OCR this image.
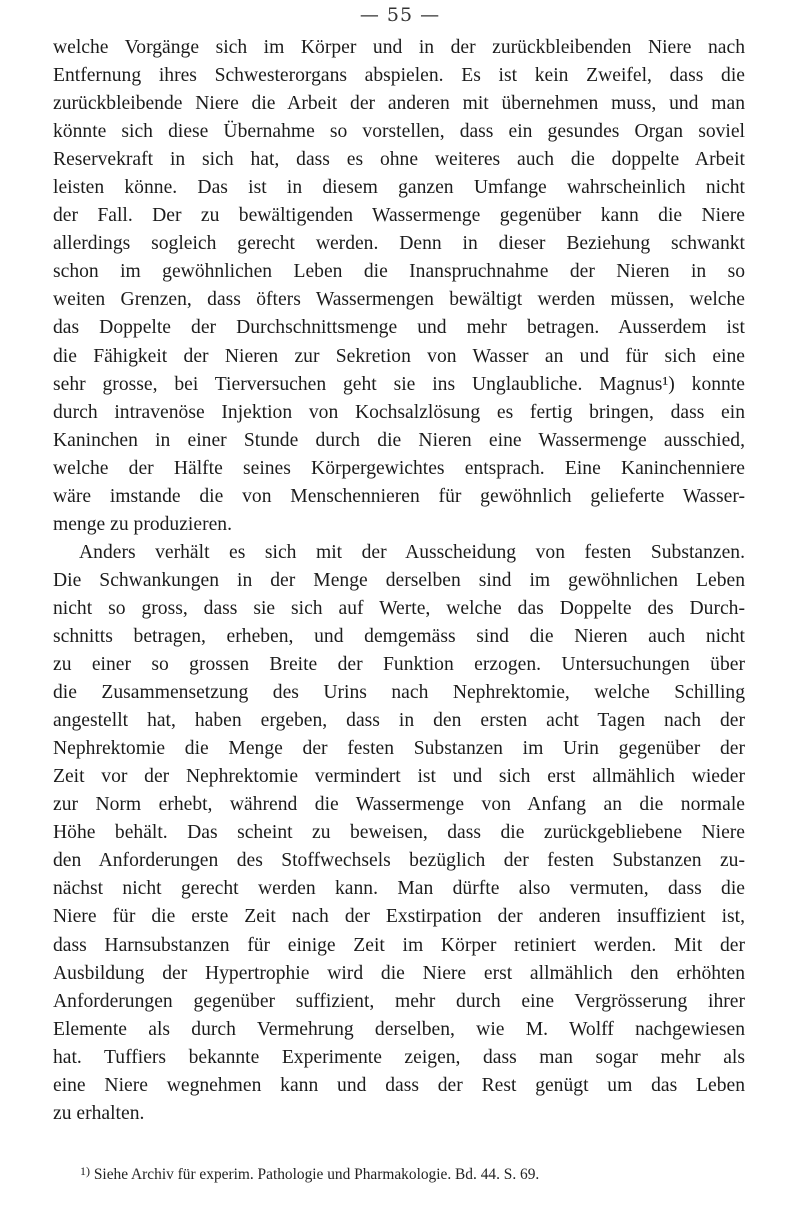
— 55 —
welche Vorgänge sich im Körper und in der zurückbleibenden Niere nach
Entfernung ihres Schwesterorgans abspielen. Es ist kein Zweifel, dass die
zurückbleibende Niere die Arbeit der anderen mit übernehmen muss, und man
könnte sich diese Übernahme so vorstellen, dass ein gesundes Organ soviel
Reservekraft in sich hat, dass es ohne weiteres auch die doppelte Arbeit
leisten könne. Das ist in diesem ganzen Umfange wahrscheinlich nicht
der Fall. Der zu bewältigenden Wassermenge gegenüber kann die Niere
allerdings sogleich gerecht werden. Denn in dieser Beziehung schwankt
schon im gewöhnlichen Leben die Inanspruchnahme der Nieren in so
weiten Grenzen, dass öfters Wassermengen bewältigt werden müssen, welche
das Doppelte der Durchschnittsmenge und mehr betragen. Ausserdem ist
die Fähigkeit der Nieren zur Sekretion von Wasser an und für sich eine
sehr grosse, bei Tierversuchen geht sie ins Unglaubliche. Magnus¹) konnte
durch intravenöse Injektion von Kochsalzlösung es fertig bringen, dass ein
Kaninchen in einer Stunde durch die Nieren eine Wassermenge ausschied,
welche der Hälfte seines Körpergewichtes entsprach. Eine Kaninchenniere
wäre imstande die von Menschennieren für gewöhnlich gelieferte Wasser-
menge zu produzieren.
Anders verhält es sich mit der Ausscheidung von festen Substanzen.
Die Schwankungen in der Menge derselben sind im gewöhnlichen Leben
nicht so gross, dass sie sich auf Werte, welche das Doppelte des Durch-
schnitts betragen, erheben, und demgemäss sind die Nieren auch nicht
zu einer so grossen Breite der Funktion erzogen. Untersuchungen über
die Zusammensetzung des Urins nach Nephrektomie, welche Schilling
angestellt hat, haben ergeben, dass in den ersten acht Tagen nach der
Nephrektomie die Menge der festen Substanzen im Urin gegenüber der
Zeit vor der Nephrektomie vermindert ist und sich erst allmählich wieder
zur Norm erhebt, während die Wassermenge von Anfang an die normale
Höhe behält. Das scheint zu beweisen, dass die zurückgebliebene Niere
den Anforderungen des Stoffwechsels bezüglich der festen Substanzen zu-
nächst nicht gerecht werden kann. Man dürfte also vermuten, dass die
Niere für die erste Zeit nach der Exstirpation der anderen insuffizient ist,
dass Harnsubstanzen für einige Zeit im Körper retiniert werden. Mit der
Ausbildung der Hypertrophie wird die Niere erst allmählich den erhöhten
Anforderungen gegenüber suffizient, mehr durch eine Vergrösserung ihrer
Elemente als durch Vermehrung derselben, wie M. Wolff nachgewiesen
hat. Tuffiers bekannte Experimente zeigen, dass man sogar mehr als
eine Niere wegnehmen kann und dass der Rest genügt um das Leben
zu erhalten.
$^{1)}$ Siehe Archiv für experim. Pathologie und Pharmakologie. Bd. 44. S. 69.
